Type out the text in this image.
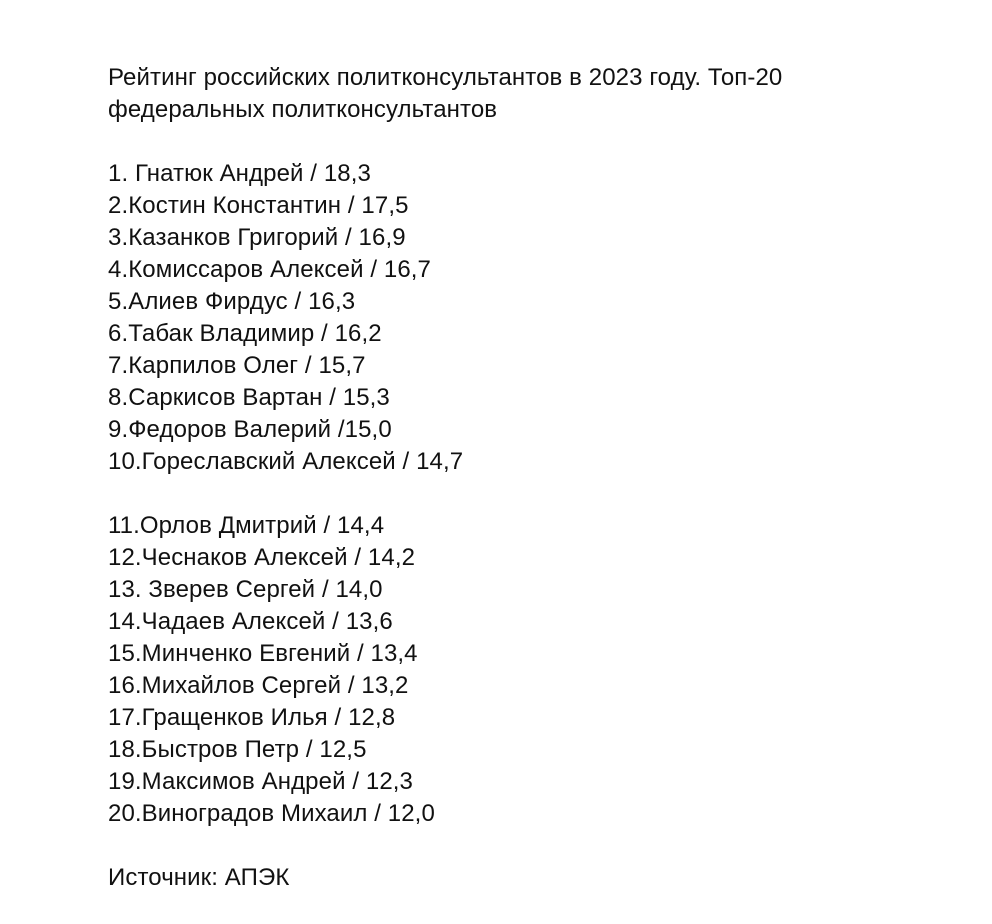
Рейтинг российских политконсультантов в 2023 году. Топ-20
федеральных политконсультантов
1. Гнатюк Андрей / 18,3
2.Костин Константин / 17,5
3.Казанков Григорий / 16,9
4.Комиссаров Алексей / 16,7
5.Алиев Фирдус / 16,3
6.Табак Владимир / 16,2
7.Карпилов Олег / 15,7
8.Саркисов Вартан / 15,3
9.Федоров Валерий /15,0
10.Гореславский Алексей / 14,7
11.Орлов Дмитрий / 14,4
12.Чеснаков Алексей / 14,2
13. Зверев Сергей / 14,0
14.Чадаев Алексей / 13,6
15.Минченко Евгений / 13,4
16.Михайлов Сергей / 13,2
17.Гращенков Илья / 12,8
18.Быстров Петр / 12,5
19.Максимов Андрей / 12,3
20.Виноградов Михаил / 12,0
Источник: АПЭК
